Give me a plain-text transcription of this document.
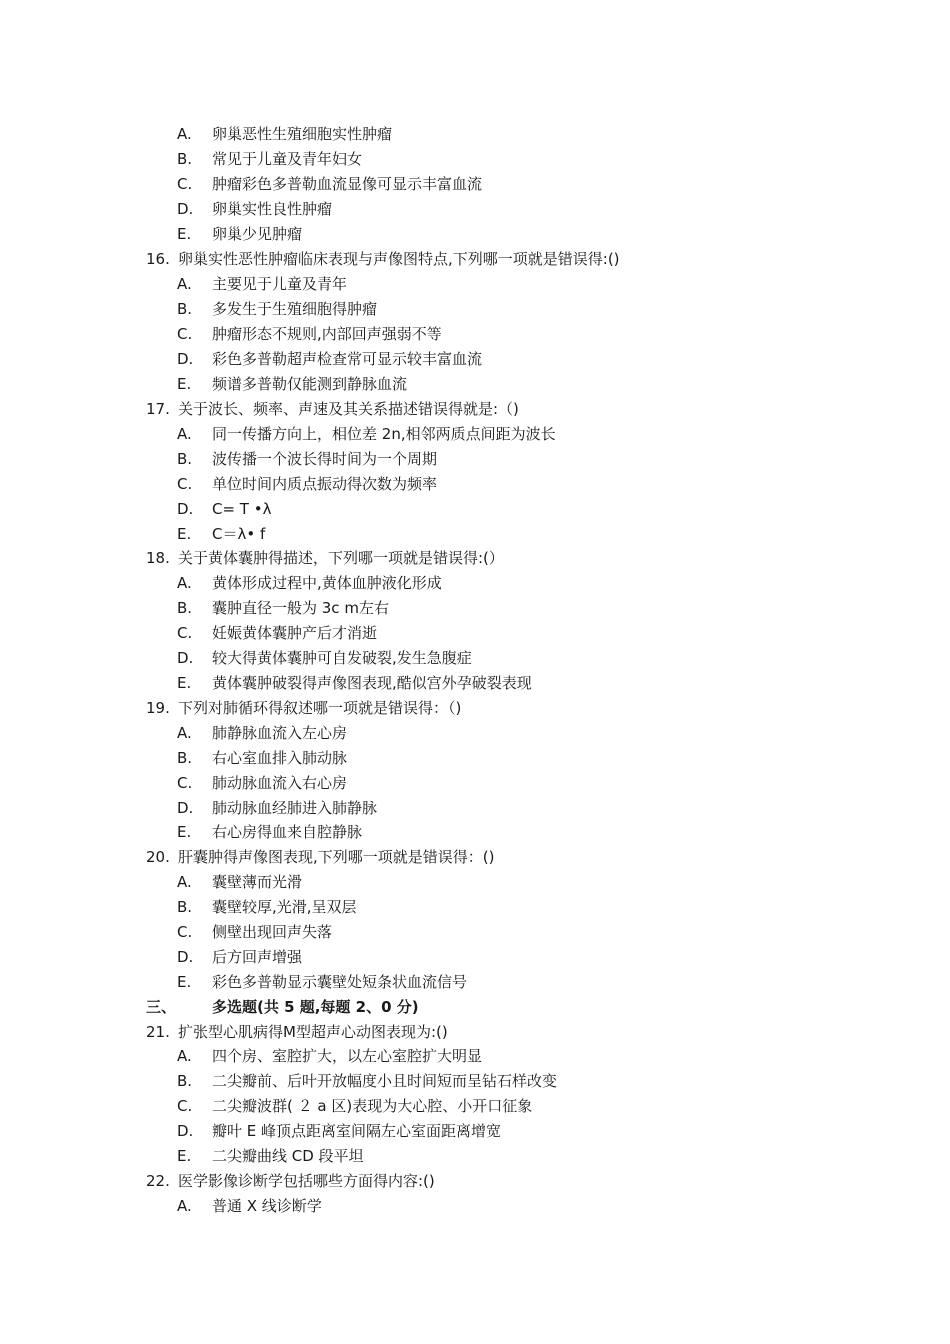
A. 卵巢恶性生殖细胞实性肿瘤
B. 常见于儿童及青年妇女
C. 肿瘤彩色多普勒血流显像可显示丰富血流
D. 卵巢实性良性肿瘤
E. 卵巢少见肿瘤
16. 卵巢实性恶性肿瘤临床表现与声像图特点,下列哪一项就是错误得:()
A. 主要见于儿童及青年
B. 多发生于生殖细胞得肿瘤
C. 肿瘤形态不规则,内部回声强弱不等
D. 彩色多普勒超声检查常可显示较丰富血流
E. 频谱多普勒仅能测到静脉血流
17. 关于波长、频率、声速及其关系描述错误得就是:（)
A. 同一传播方向上，相位差 2n,相邻两质点间距为波长
B. 波传播一个波长得时间为一个周期
C. 单位时间内质点振动得次数为频率
D. C= T •λ
E. C＝λ• f
18. 关于黄体囊肿得描述，下列哪一项就是错误得:(）
A. 黄体形成过程中,黄体血肿液化形成
B. 囊肿直径一般为 3c m左右
C. 妊娠黄体囊肿产后才消逝
D. 较大得黄体囊肿可自发破裂,发生急腹症
E. 黄体囊肿破裂得声像图表现,酷似宫外孕破裂表现
19. 下列对肺循环得叙述哪一项就是错误得：（)
A. 肺静脉血流入左心房
B. 右心室血排入肺动脉
C. 肺动脉血流入右心房
D. 肺动脉血经肺进入肺静脉
E. 右心房得血来自腔静脉
20. 肝囊肿得声像图表现,下列哪一项就是错误得：()
A. 囊壁薄而光滑
B. 囊壁较厚,光滑,呈双层
C. 侧壁出现回声失落
D. 后方回声增强
E. 彩色多普勒显示囊壁处短条状血流信号
三、 多选题(共 5 题,每题 2、0 分)
21. 扩张型心肌病得M型超声心动图表现为:()
A. 四个房、室腔扩大，以左心室腔扩大明显
B. 二尖瓣前、后叶开放幅度小且时间短而呈钻石样改变
C. 二尖瓣波群( ２ a 区)表现为大心腔、小开口征象
D. 瓣叶 E 峰顶点距离室间隔左心室面距离增宽
E. 二尖瓣曲线 CD 段平坦
22. 医学影像诊断学包括哪些方面得内容:()
A. 普通 X 线诊断学
